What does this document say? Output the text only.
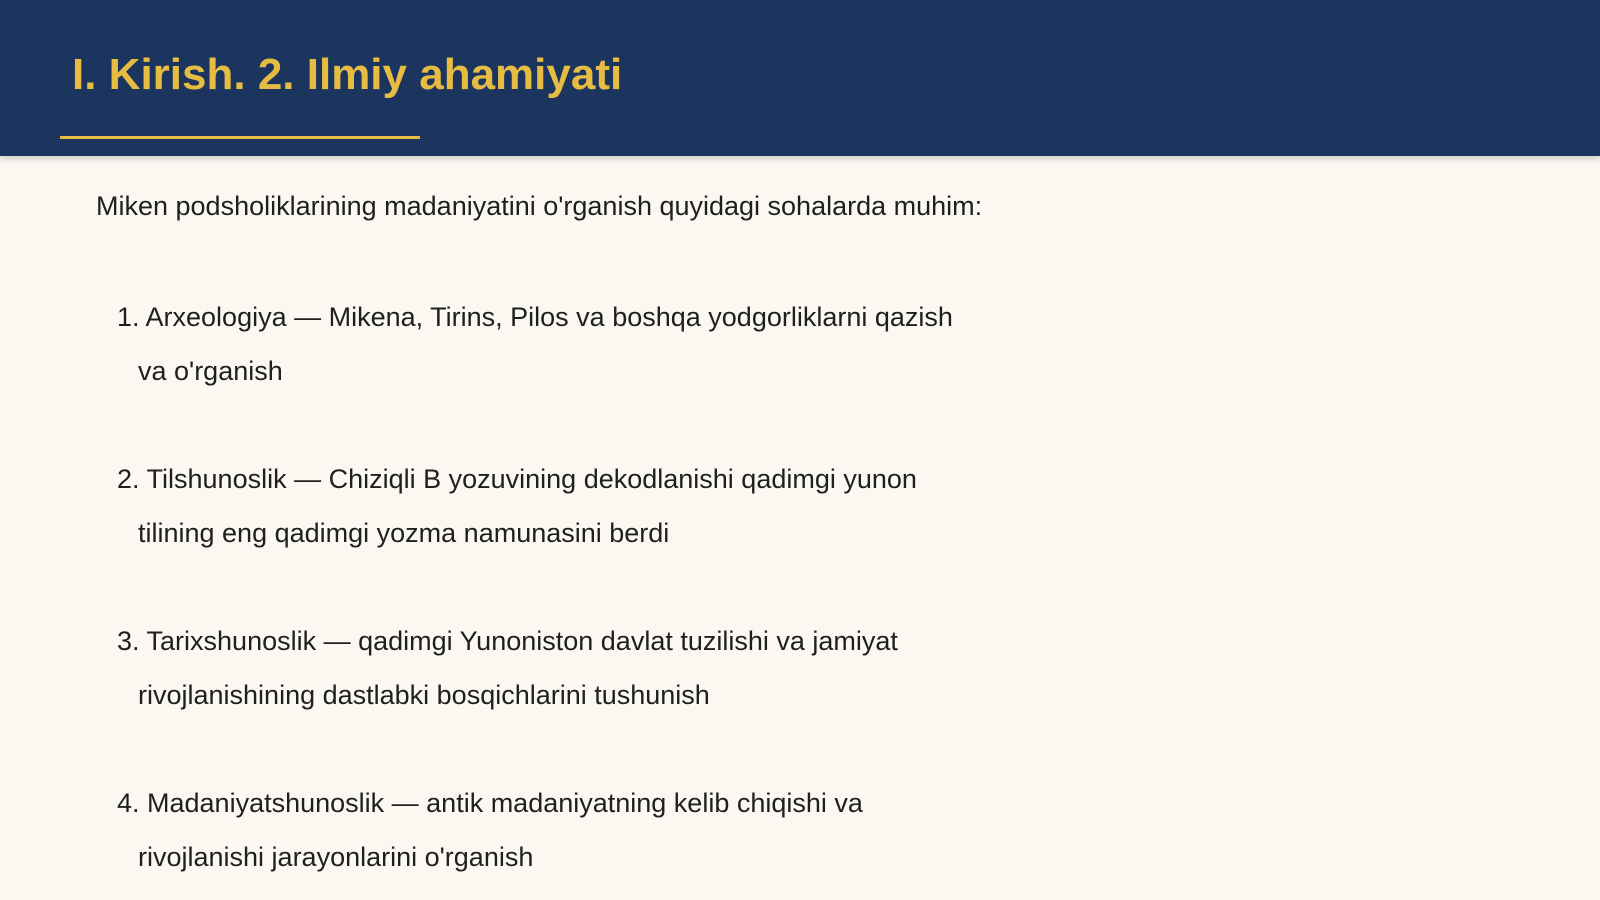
I. Kirish. 2. Ilmiy ahamiyati

Miken podsholiklarining madaniyatini o'rganish quyidagi sohalarda muhim:

1. Arxeologiya — Mikena, Tirins, Pilos va boshqa yodgorliklarni qazish
va o'rganish
2. Tilshunoslik — Chiziqli B yozuvining dekodlanishi qadimgi yunon
tilining eng qadimgi yozma namunasini berdi
3. Tarixshunoslik — qadimgi Yunoniston davlat tuzilishi va jamiyat
rivojlanishining dastlabki bosqichlarini tushunish
4. Madaniyatshunoslik — antik madaniyatning kelib chiqishi va
rivojlanishi jarayonlarini o'rganish
